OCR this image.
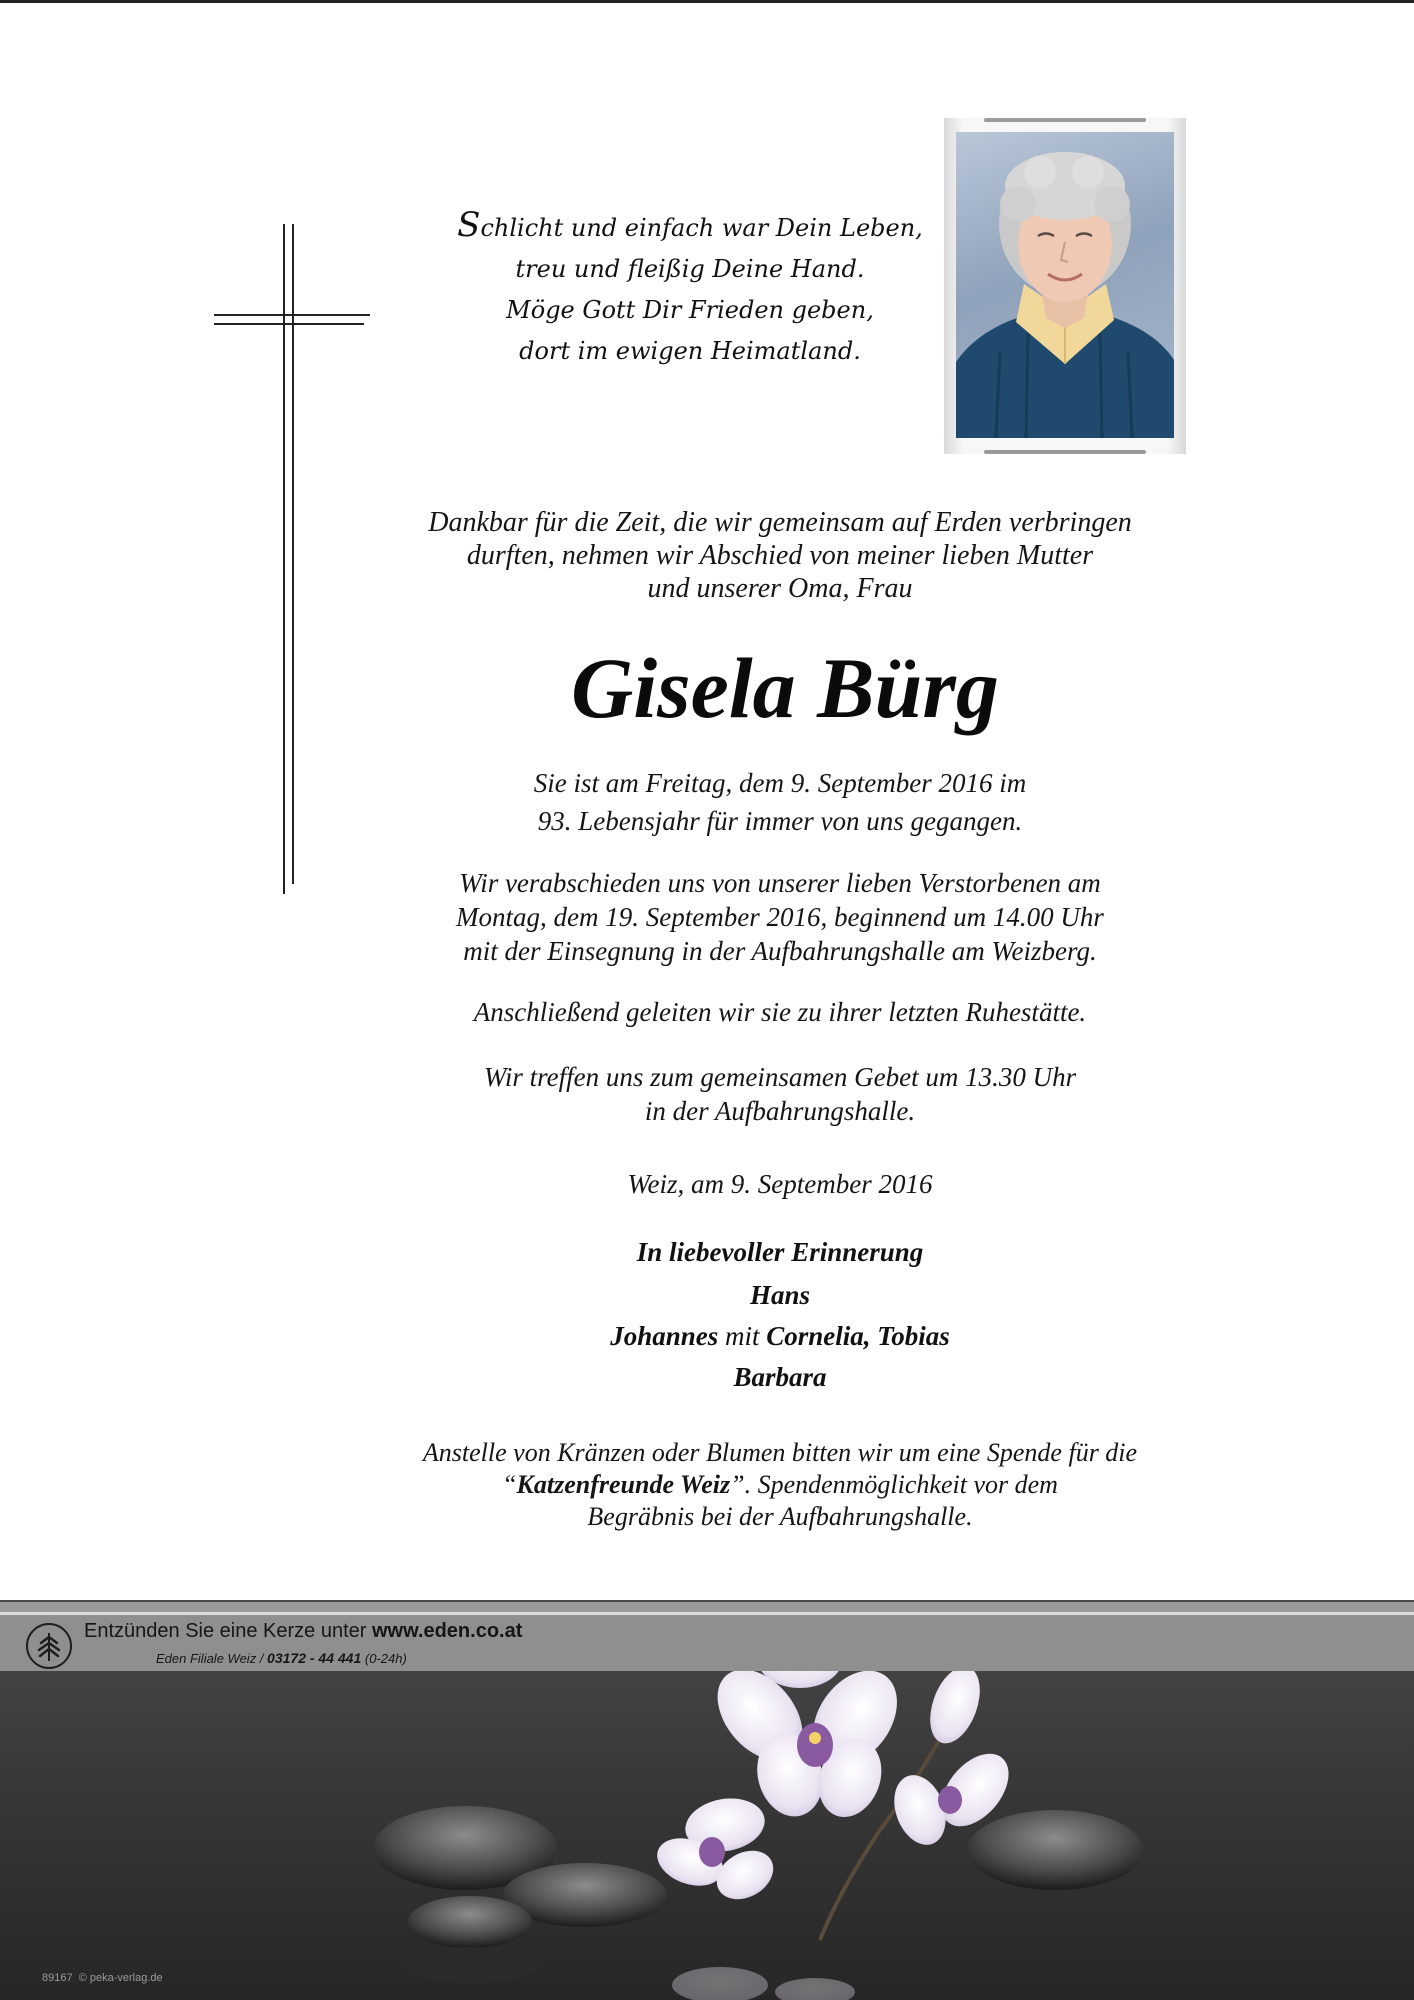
Schlicht und einfach war Dein Leben,
treu und fleißig Deine Hand.
Möge Gott Dir Frieden geben,
dort im ewigen Heimatland.
Dankbar für die Zeit, die wir gemeinsam auf Erden verbringen
durften, nehmen wir Abschied von meiner lieben Mutter
und unserer Oma, Frau
Gisela Bürg
Sie ist am Freitag, dem 9. September 2016 im
93. Lebensjahr für immer von uns gegangen.
Wir verabschieden uns von unserer lieben Verstorbenen am
Montag, dem 19. September 2016, beginnend um 14.00 Uhr
mit der Einsegnung in der Aufbahrungshalle am Weizberg.
Anschließend geleiten wir sie zu ihrer letzten Ruhestätte.
Wir treffen uns zum gemeinsamen Gebet um 13.30 Uhr
in der Aufbahrungshalle.
Weiz, am 9. September 2016
In liebevoller Erinnerung
Hans
Johannes mit Cornelia, Tobias
Barbara
Anstelle von Kränzen oder Blumen bitten wir um eine Spende für die
“Katzenfreunde Weiz”. Spendenmöglichkeit vor dem
Begräbnis bei der Aufbahrungshalle.
Entzünden Sie eine Kerze unter www.eden.co.at
Eden Filiale Weiz / 03172 - 44 441 (0-24h)
89167 © peka-verlag.de
